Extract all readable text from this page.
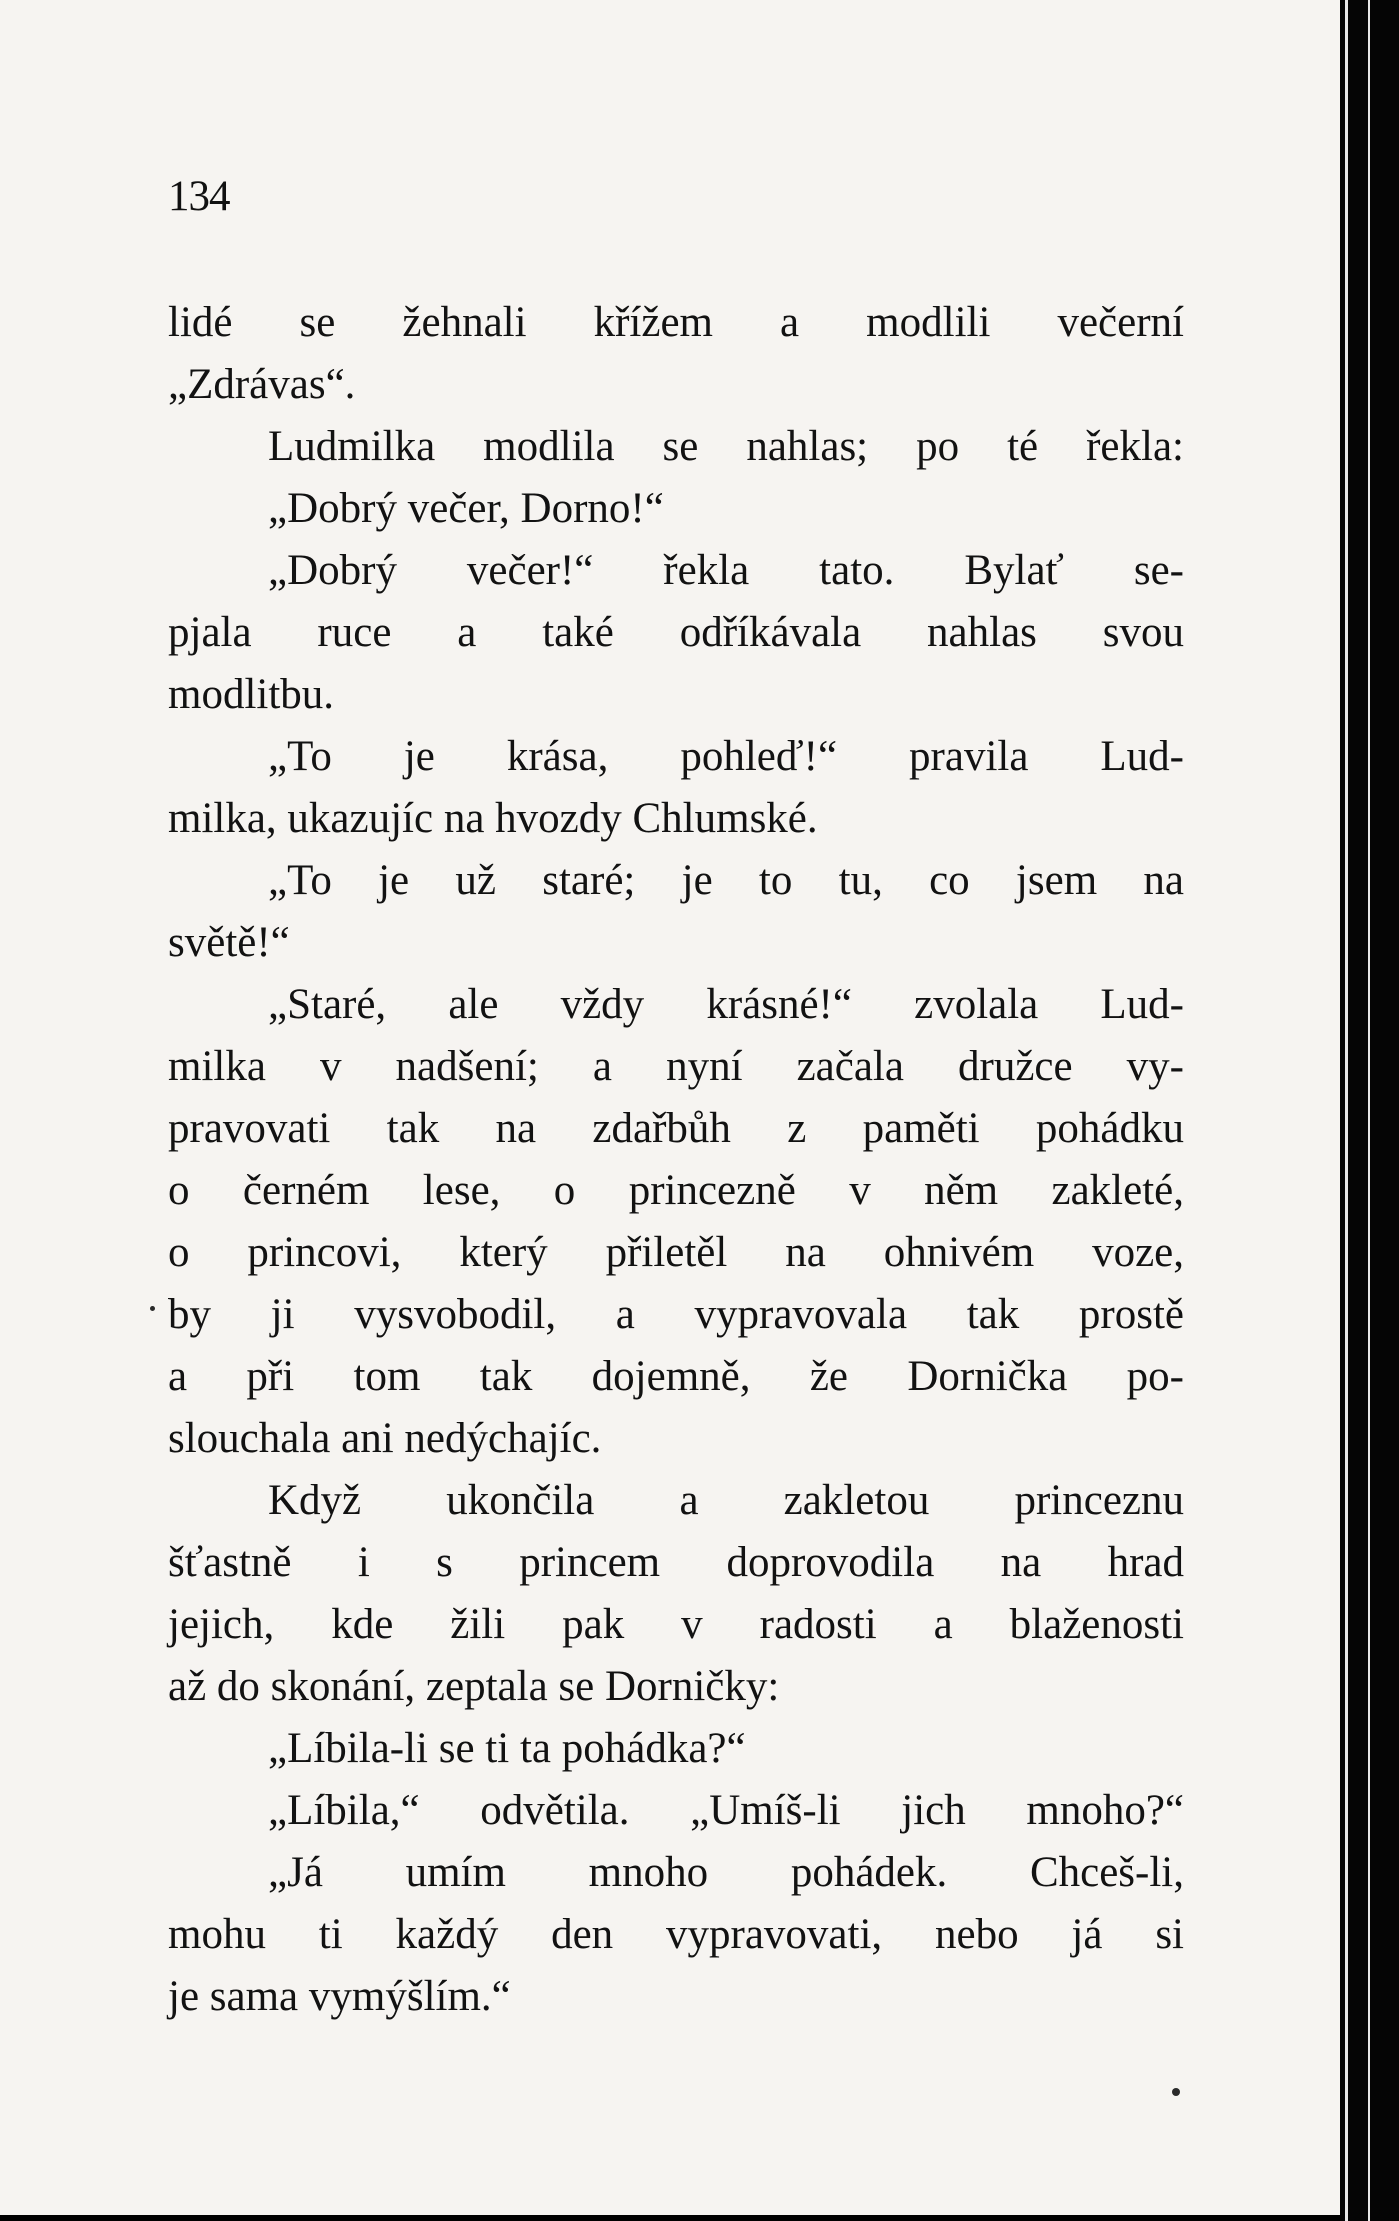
134
lidé se žehnali křížem a modlili večerní
„Zdrávas“.
Ludmilka modlila se nahlas; po té řekla:
„Dobrý večer, Dorno!“
„Dobrý večer!“ řekla tato. Bylať se-
pjala ruce a také odříkávala nahlas svou
modlitbu.
„To je krása, pohleď!“ pravila Lud-
milka, ukazujíc na hvozdy Chlumské.
„To je už staré; je to tu, co jsem na
světě!“
„Staré, ale vždy krásné!“ zvolala Lud-
milka v nadšení; a nyní začala družce vy-
pravovati tak na zdařbůh z paměti pohádku
o černém lese, o princezně v něm zakleté,
o princovi, který přiletěl na ohnivém voze,
by ji vysvobodil, a vypravovala tak prostě
a při tom tak dojemně, že Dornička po-
slouchala ani nedýchajíc.
Když ukončila a zakletou princeznu
šťastně i s princem doprovodila na hrad
jejich, kde žili pak v radosti a blaženosti
až do skonání, zeptala se Dorničky:
„Líbila-li se ti ta pohádka?“
„Líbila,“ odvětila. „Umíš-li jich mnoho?“
„Já umím mnoho pohádek. Chceš-li,
mohu ti každý den vypravovati, nebo já si
je sama vymýšlím.“
